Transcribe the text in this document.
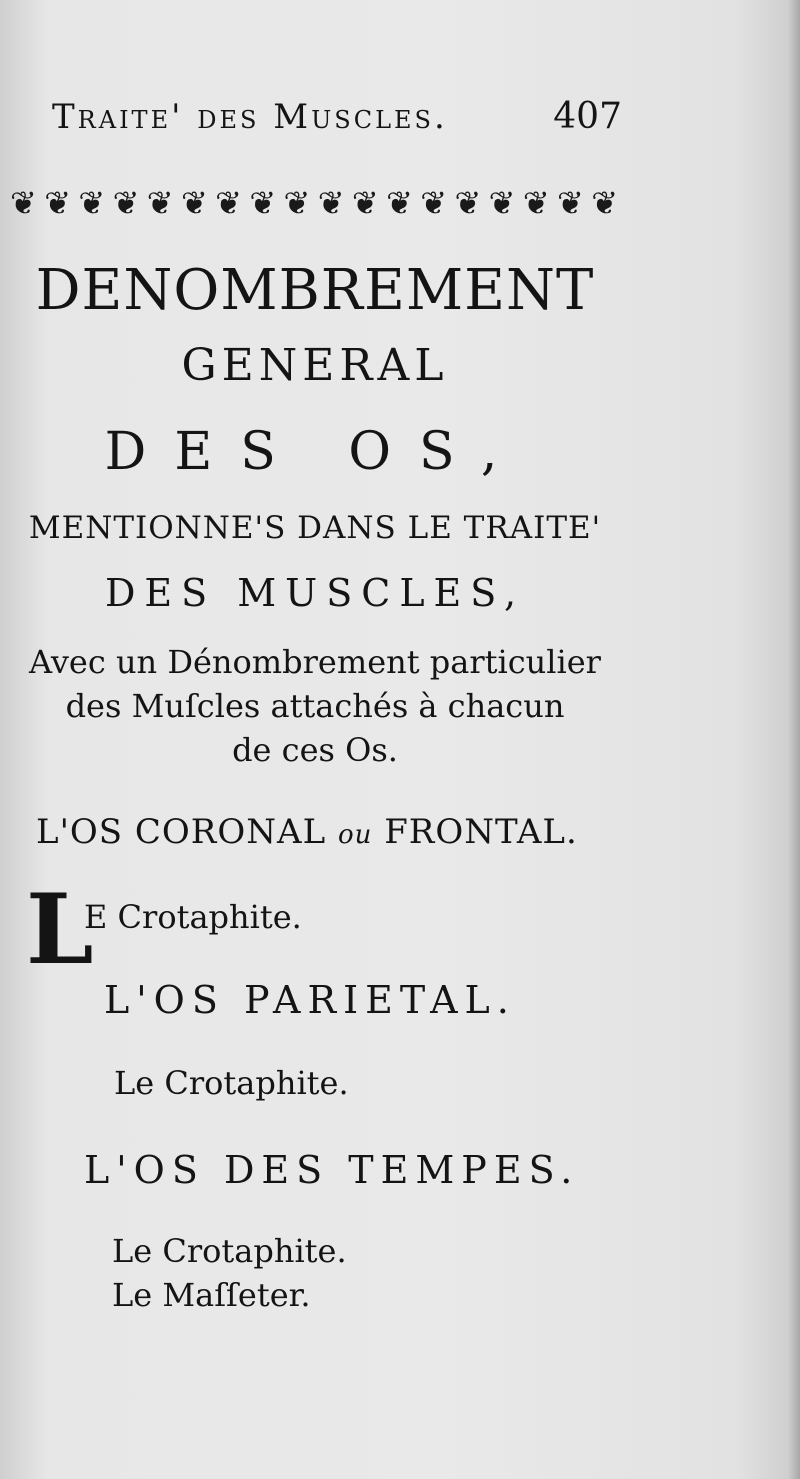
Traite' des Muscles.	407
❦ ❦ ❦ ❦ ❦ ❦ ❦ ❦ ❦ ❦ ❦ ❦ ❦ ❦ ❦ ❦ ❦ ❦
DENOMBREMENT
GENERAL
DES OS,
MENTIONNE'S DANS LE TRAITE'
DES MUSCLES,
Avec un Dénombrement particulier
des Muſcles attachés à chacun
de ces Os.
L'OS CORONAL ou FRONTAL.
L
E Crotaphite.
L'OS PARIETAL.
Le Crotaphite.
L'OS DES TEMPES.
Le Crotaphite.
Le Maſſeter.
